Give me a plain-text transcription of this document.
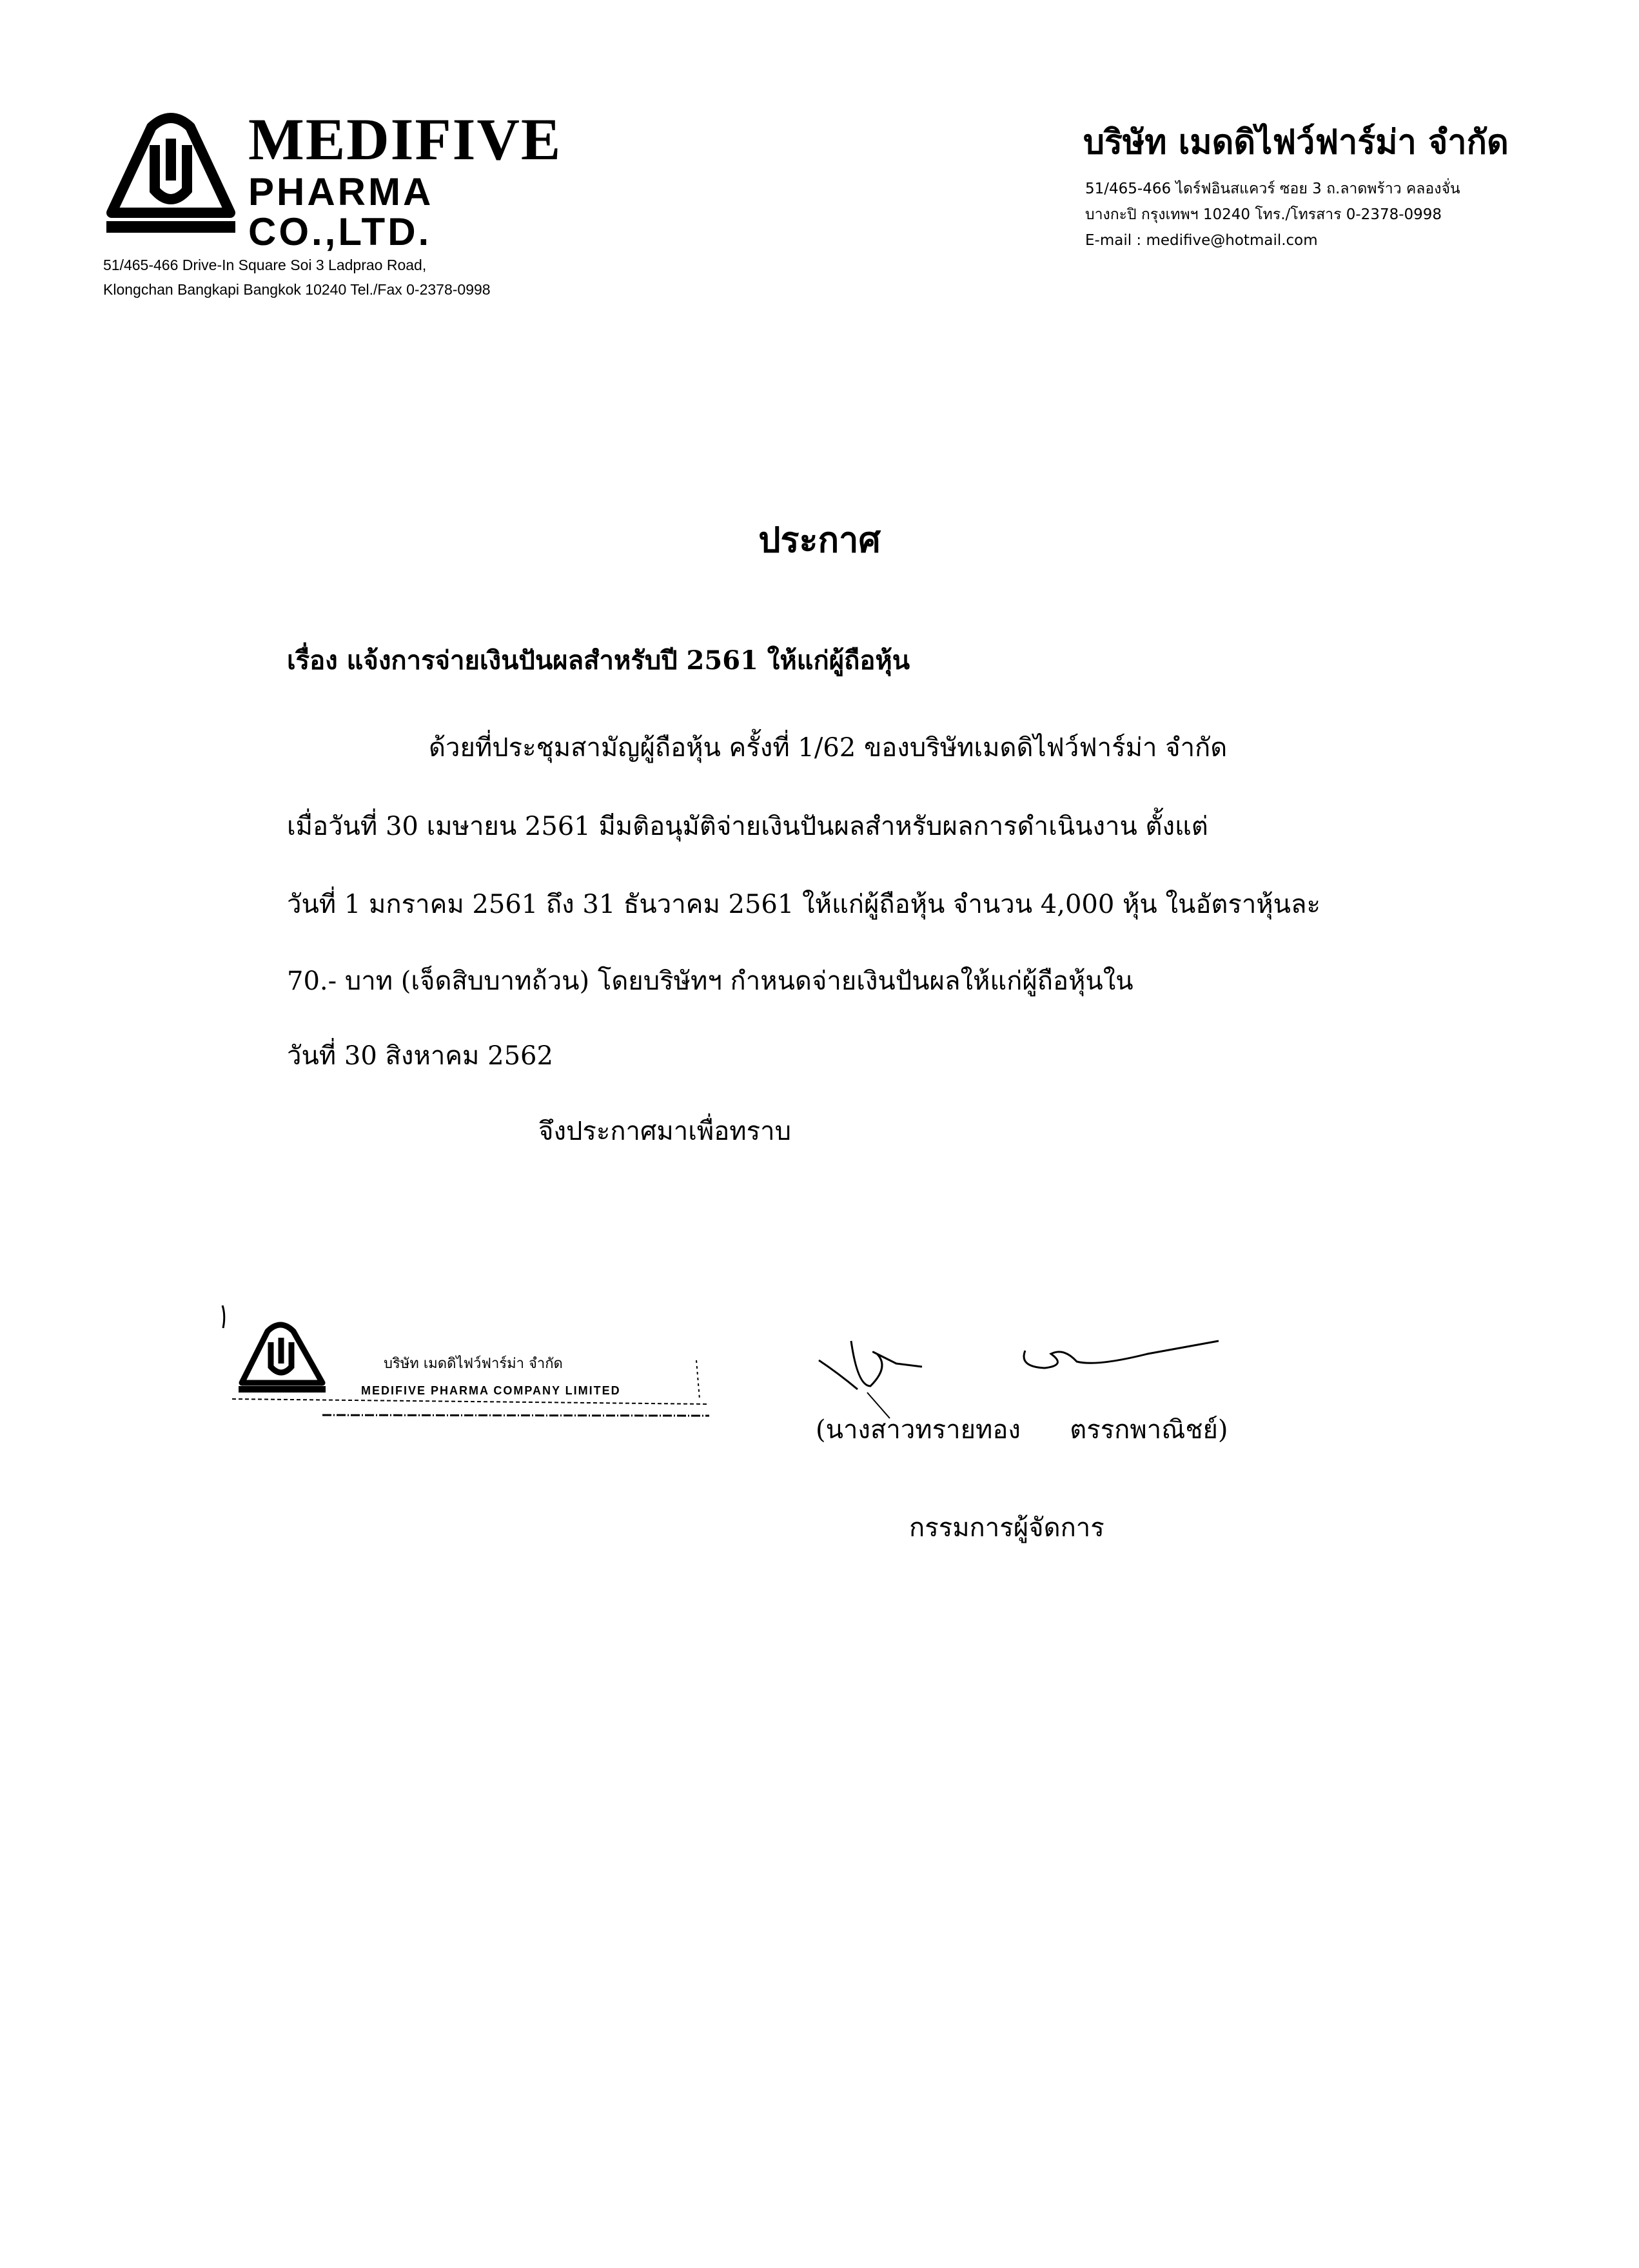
MEDIFIVE
PHARMA
CO.,LTD.
51/465-466 Drive-In Square Soi 3 Ladprao Road,
Klongchan Bangkapi Bangkok 10240 Tel./Fax 0-2378-0998
บริษัท เมดดิไฟว์ฟาร์ม่า จำกัด
51/465-466 ไดร์ฟอินสแควร์ ซอย 3 ถ.ลาดพร้าว คลองจั่น
บางกะปิ กรุงเทพฯ 10240 โทร./โทรสาร 0-2378-0998
E-mail : medifive@hotmail.com
ประกาศ
เรื่อง แจ้งการจ่ายเงินปันผลสำหรับปี 2561 ให้แก่ผู้ถือหุ้น
ด้วยที่ประชุมสามัญผู้ถือหุ้น ครั้งที่ 1/62 ของบริษัทเมดดิไฟว์ฟาร์ม่า จำกัด
เมื่อวันที่ 30 เมษายน 2561 มีมติอนุมัติจ่ายเงินปันผลสำหรับผลการดำเนินงาน ตั้งแต่
วันที่ 1 มกราคม 2561 ถึง 31 ธันวาคม 2561 ให้แก่ผู้ถือหุ้น จำนวน 4,000 หุ้น ในอัตราหุ้นละ
70.- บาท (เจ็ดสิบบาทถ้วน) โดยบริษัทฯ กำหนดจ่ายเงินปันผลให้แก่ผู้ถือหุ้นใน
วันที่ 30 สิงหาคม 2562
จึงประกาศมาเพื่อทราบ
บริษัท เมดดิไฟว์ฟาร์ม่า จำกัด
MEDIFIVE PHARMA COMPANY LIMITED
(นางสาวทรายทอง      ตรรกพาณิชย์)
กรรมการผู้จัดการ
